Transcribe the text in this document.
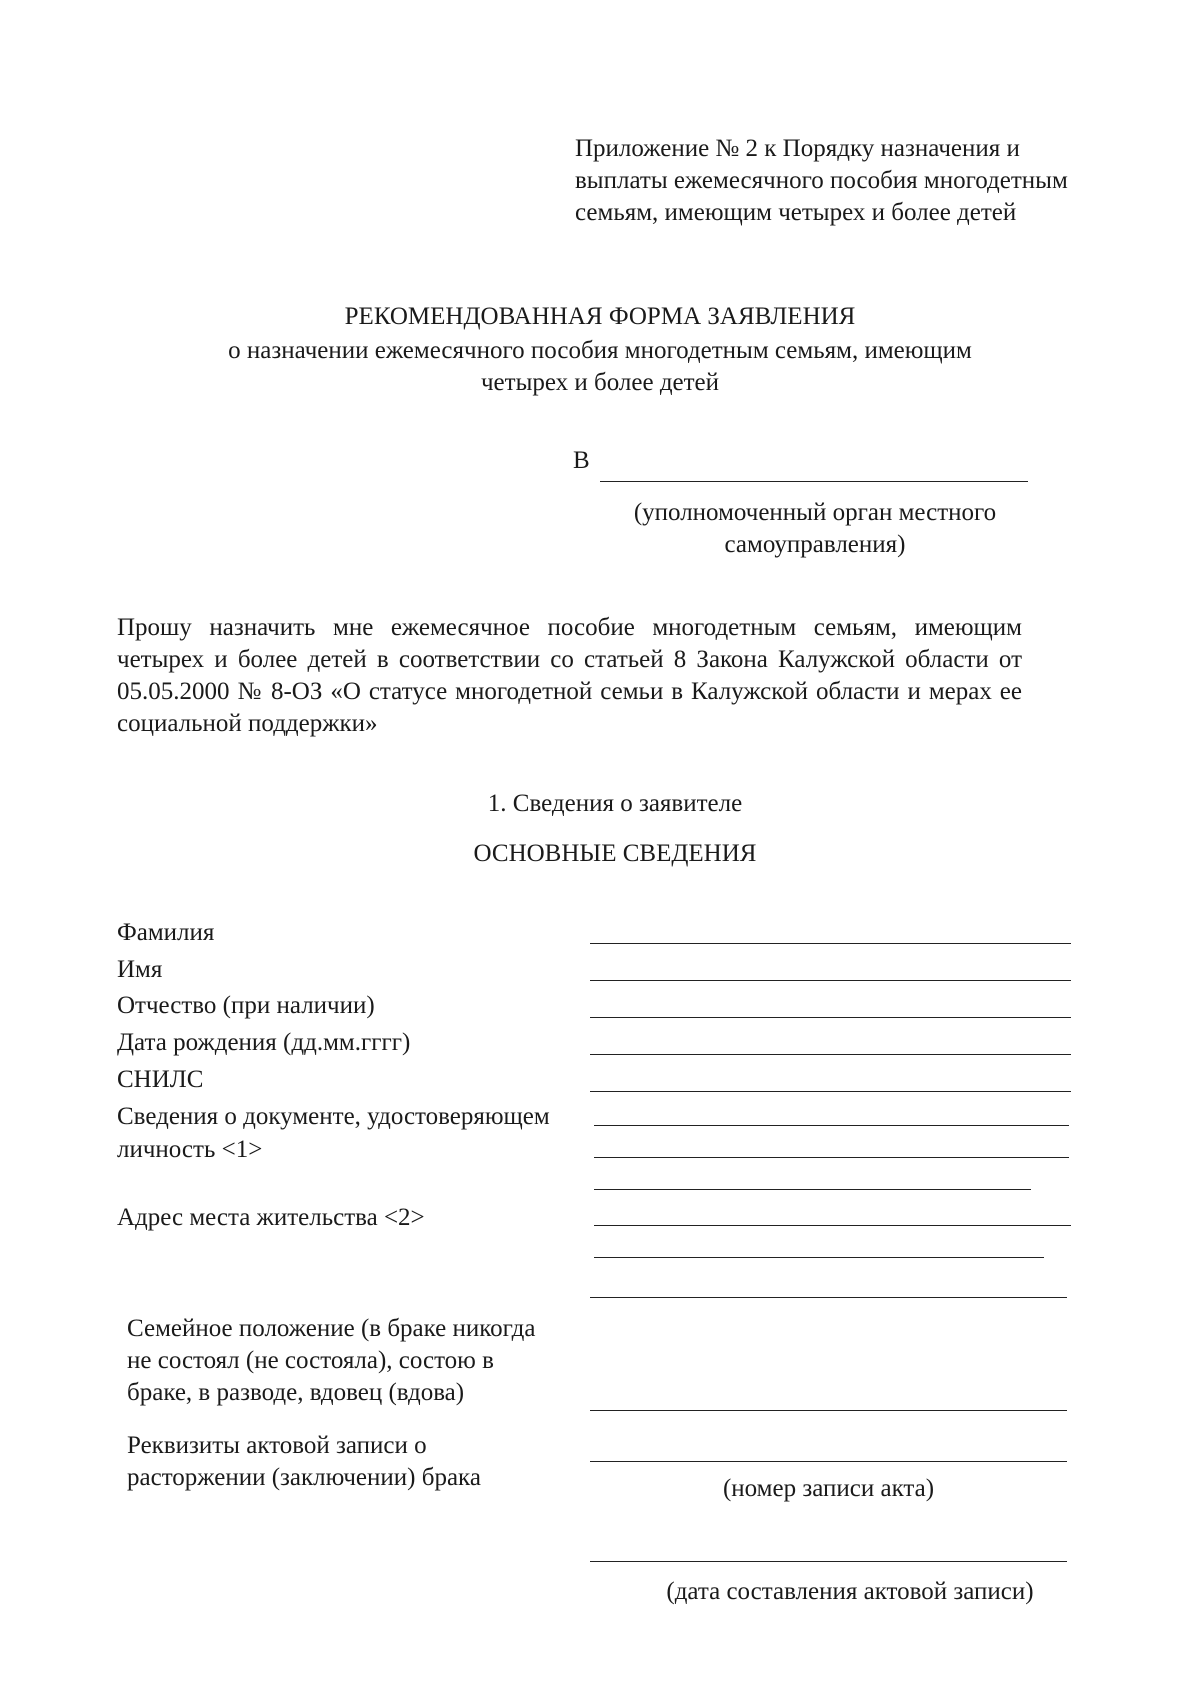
Приложение № 2 к Порядку назначения и
выплаты ежемесячного пособия многодетным
семьям, имеющим четырех и более детей
РЕКОМЕНДОВАННАЯ ФОРМА ЗАЯВЛЕНИЯ
о назначении ежемесячного пособия многодетным семьям, имеющим
четырех и более детей
В
(уполномоченный орган местного
самоуправления)
Прошу назначить мне ежемесячное пособие многодетным семьям, имеющим четырех и более детей в соответствии со статьей 8 Закона Калужской области от 05.05.2000 № 8-ОЗ «О статусе многодетной семьи в Калужской области и мерах ее социальной поддержки»
1. Сведения о заявителе
ОСНОВНЫЕ СВЕДЕНИЯ
Фамилия
Имя
Отчество (при наличии)
Дата рождения (дд.мм.гггг)
СНИЛС
Сведения о документе, удостоверяющем
личность <1>
Адрес места жительства <2>
Семейное положение (в браке никогда
не состоял (не состояла), состою в
браке, в разводе, вдовец (вдова)
Реквизиты актовой записи о
расторжении (заключении) брака	(номер записи акта)
(дата составления актовой записи)
